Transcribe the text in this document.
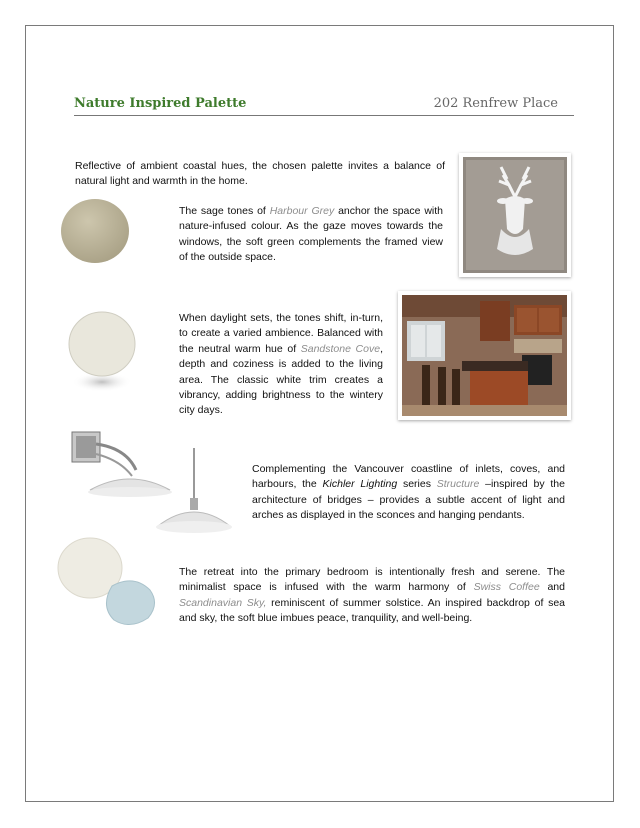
Nature Inspired Palette	202 Renfrew Place

Reflective of ambient coastal hues, the chosen palette invites a balance of natural light and warmth in the home.

The sage tones of Harbour Grey anchor the space with nature-infused colour. As the gaze moves towards the windows, the soft green complements the framed view of the outside space.

When daylight sets, the tones shift, in-turn, to create a varied ambience. Balanced with the neutral warm hue of Sandstone Cove, depth and coziness is added to the living area. The classic white trim creates a vibrancy, adding brightness to the wintery city days.

Complementing the Vancouver coastline of inlets, coves, and harbours, the Kichler Lighting series Structure –inspired by the architecture of bridges – provides a subtle accent of light and arches as displayed in the sconces and hanging pendants.

The retreat into the primary bedroom is intentionally fresh and serene. The minimalist space is infused with the warm harmony of Swiss Coffee and Scandinavian Sky, reminiscent of summer solstice. An inspired backdrop of sea and sky, the soft blue imbues peace, tranquility, and well-being.
